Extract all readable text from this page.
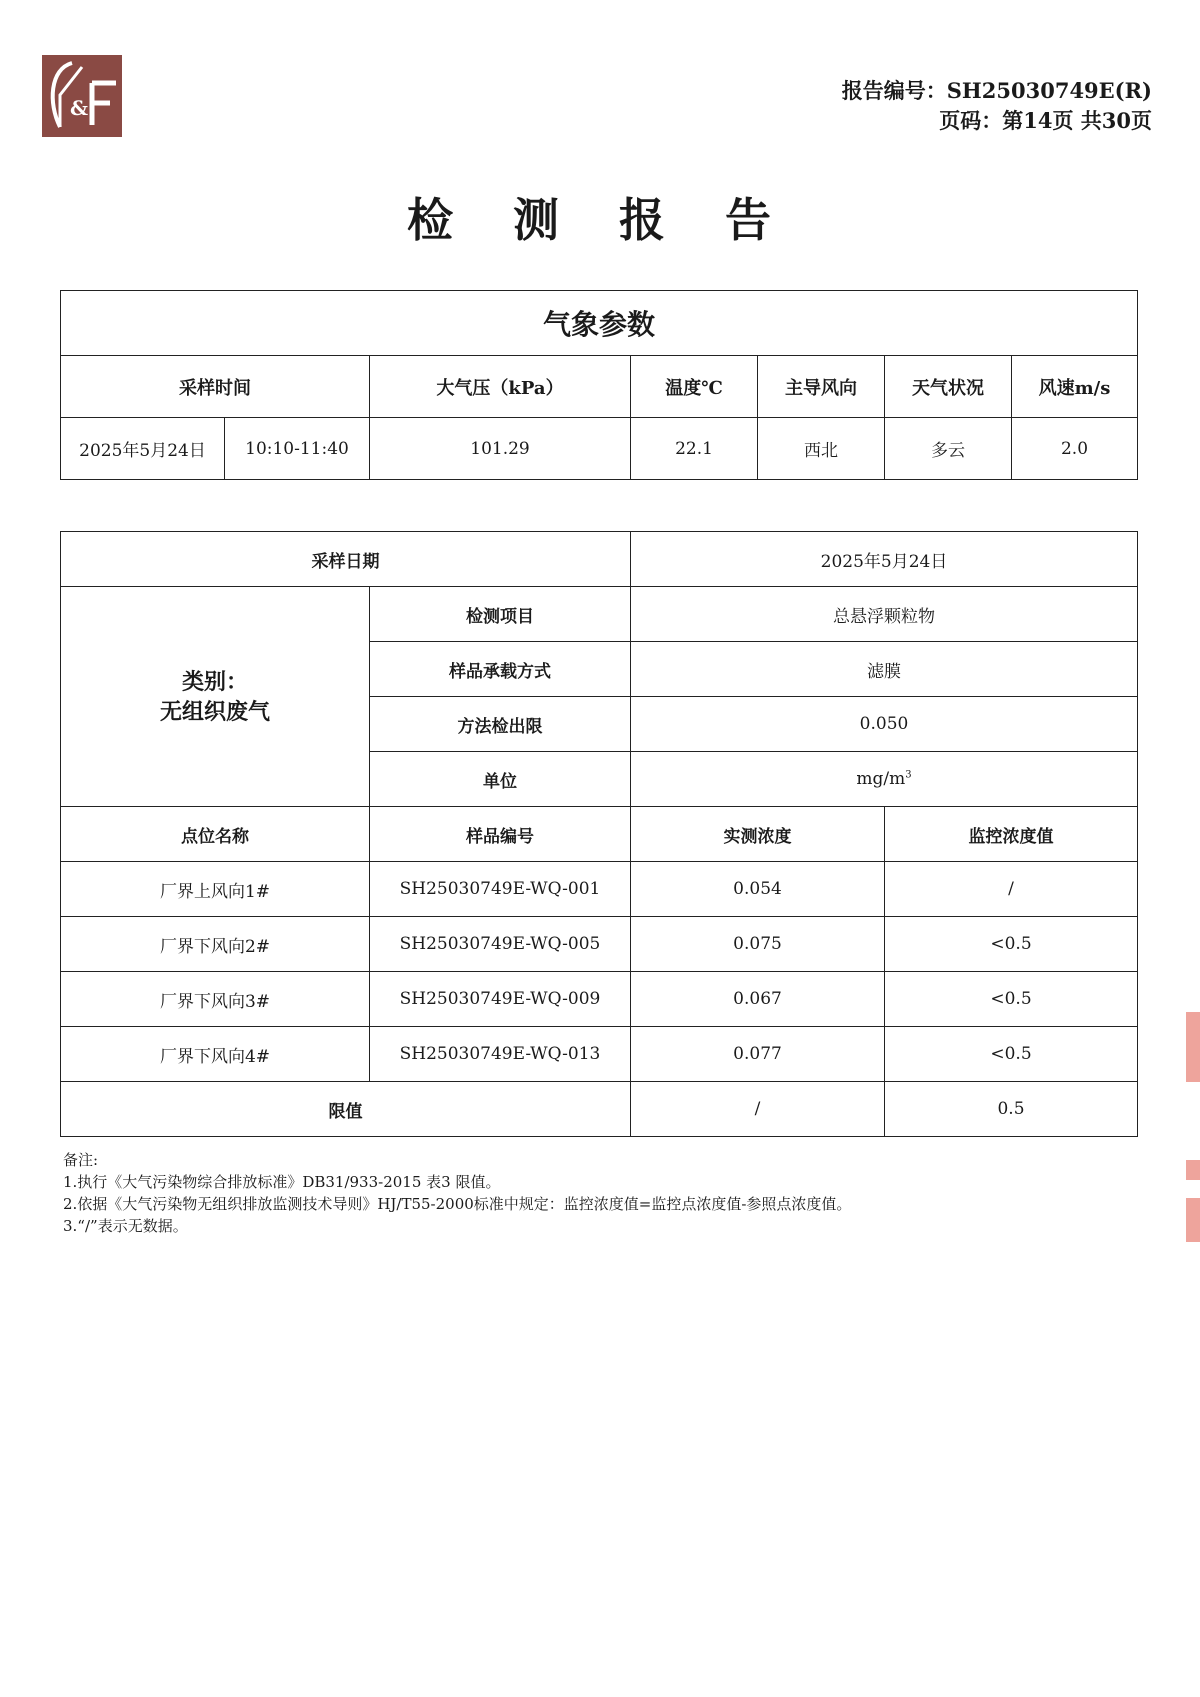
&
报告编号：SH25030749E(R)
页码：第14页 共30页
检 测 报 告
气象参数						
采样时间		大气压（kPa）	温度℃	主导风向	天气状况	风速m/s
2025年5月24日	10:10-11:40	101.29	22.1	西北	多云	2.0
采样日期		2025年5月24日	

类别：
无组织废气	检测项目	总悬浮颗粒物	
	样品承载方式	滤膜	
	方法检出限	0.050	
	单位	$mg/m^3$
点位名称	样品编号	实测浓度	监控浓度值
厂界上风向1#	SH25030749E-WQ-001	0.054	/
厂界下风向2#	SH25030749E-WQ-005	0.075	<0.5
厂界下风向3#	SH25030749E-WQ-009	0.067	<0.5
厂界下风向4#	SH25030749E-WQ-013	0.077	<0.5
限值		/	0.5
备注:
1.执行《大气污染物综合排放标准》DB31/933-2015 表3 限值。
2.依据《大气污染物无组织排放监测技术导则》HJ/T55-2000标准中规定：监控浓度值=监控点浓度值-参照点浓度值。
3.“/”表示无数据。
